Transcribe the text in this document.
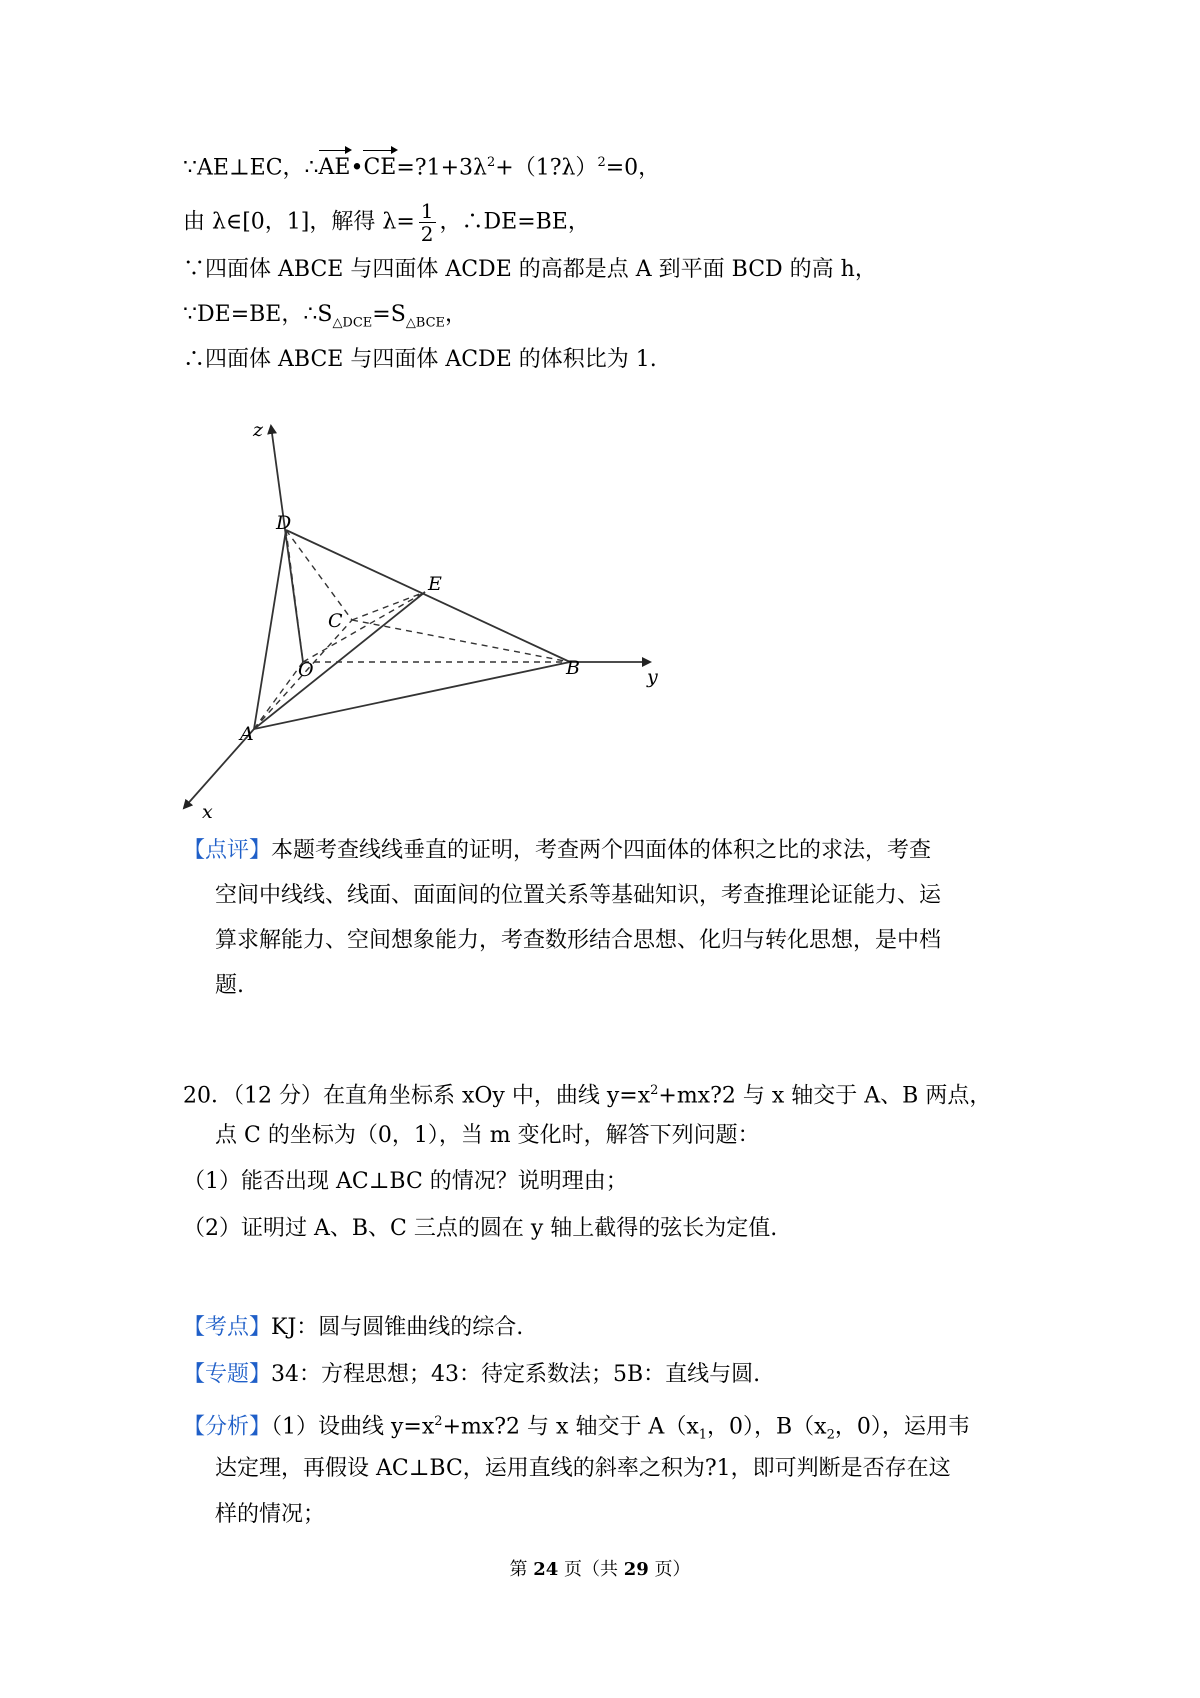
∵AE⊥EC，$\therefore AE•CE=?1+3\lambda^2+(1?\lambda)^2=0$，
由 λ∈[0，1]，解得 $\lambda= \frac{1}{2}$ ，∴DE=BE，
∵四面体 ABCE 与四面体 ACDE 的高都是点 A 到平面 BCD 的高 h，
∵DE=BE，$\therefore S_{\triangle DCE}=S_{\triangle BCE}$，
∴四面体 ABCE 与四面体 ACDE 的体积比为 1.
z
D
E
C
O	B	y
A
x
【点评】本题考查线线垂直的证明，考查两个四面体的体积之比的求法，考查
空间中线线、线面、面面间的位置关系等基础知识，考查推理论证能力、运
算求解能力、空间想象能力，考查数形结合思想、化归与转化思想，是中档
题.
20．（12 分）在直角坐标系 xOy 中，曲线 $y=x^2+mx?2$ 与 x 轴交于 A、B 两点，
点 C 的坐标为（0，1），当 m 变化时，解答下列问题：
（1）能否出现 AC⊥BC 的情况？说明理由；
（2）证明过 A、B、C 三点的圆在 y 轴上截得的弦长为定值.
【考点】KJ：圆与圆锥曲线的综合.
【专题】34：方程思想；43：待定系数法；5B：直线与圆.
【分析】（1）设曲线 $y=x^2+mx?2$ 与 x 轴交于 $A(x_1$，0），$B(x_2$，0），运用韦
达定理，再假设 AC⊥BC，运用直线的斜率之积为?1，即可判断是否存在这
样的情况；
第 24 页（共 29 页）
